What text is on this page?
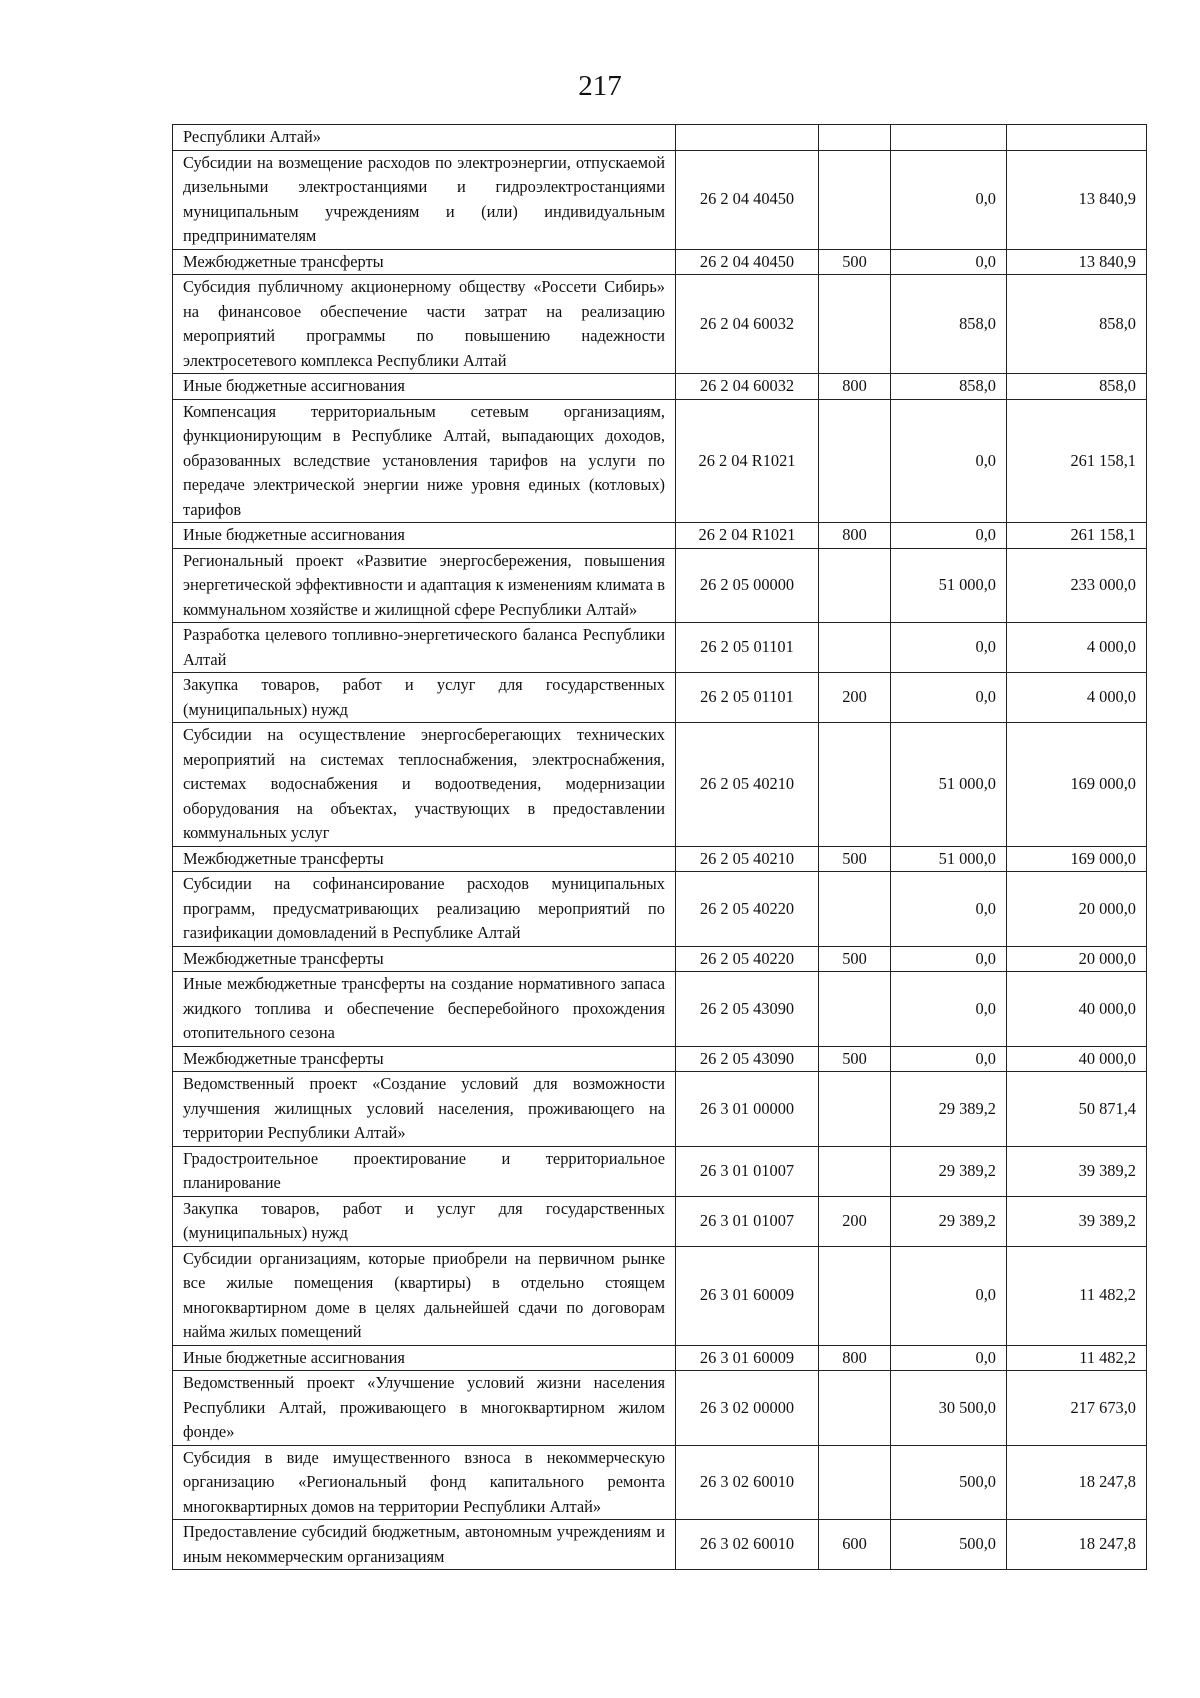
217
Республики Алтай»				
Субсидии на возмещение расходов по электроэнергии, отпускаемой дизельными электростанциями и гидроэлектростанциями муниципальным учреждениям и (или) индивидуальным предпринимателям	26 2 04 40450		0,0	13 840,9
Межбюджетные трансферты	26 2 04 40450	500	0,0	13 840,9
Субсидия публичному акционерному обществу «Россети Сибирь» на финансовое обеспечение части затрат на реализацию мероприятий программы по повышению надежности электросетевого комплекса Республики Алтай	26 2 04 60032		858,0	858,0
Иные бюджетные ассигнования	26 2 04 60032	800	858,0	858,0
Компенсация территориальным сетевым организациям, функционирующим в Республике Алтай, выпадающих доходов, образованных вследствие установления тарифов на услуги по передаче электрической энергии ниже уровня единых (котловых) тарифов	26 2 04 R1021		0,0	261 158,1
Иные бюджетные ассигнования	26 2 04 R1021	800	0,0	261 158,1
Региональный проект «Развитие энергосбережения, повышения энергетической эффективности и адаптация к изменениям климата в коммунальном хозяйстве и жилищной сфере Республики Алтай»	26 2 05 00000		51 000,0	233 000,0
Разработка целевого топливно-энергетического баланса Республики Алтай	26 2 05 01101		0,0	4 000,0
Закупка товаров, работ и услуг для государственных (муниципальных) нужд	26 2 05 01101	200	0,0	4 000,0
Субсидии на осуществление энергосберегающих технических мероприятий на системах теплоснабжения, электроснабжения, системах водоснабжения и водоотведения, модернизации оборудования на объектах, участвующих в предоставлении коммунальных услуг	26 2 05 40210		51 000,0	169 000,0
Межбюджетные трансферты	26 2 05 40210	500	51 000,0	169 000,0
Субсидии на софинансирование расходов муниципальных программ, предусматривающих реализацию мероприятий по газификации домовладений в Республике Алтай	26 2 05 40220		0,0	20 000,0
Межбюджетные трансферты	26 2 05 40220	500	0,0	20 000,0
Иные межбюджетные трансферты на создание нормативного запаса жидкого топлива и обеспечение бесперебойного прохождения отопительного сезона	26 2 05 43090		0,0	40 000,0
Межбюджетные трансферты	26 2 05 43090	500	0,0	40 000,0
Ведомственный проект «Создание условий для возможности улучшения жилищных условий населения, проживающего на территории Республики Алтай»	26 3 01 00000		29 389,2	50 871,4
Градостроительное проектирование и территориальное планирование	26 3 01 01007		29 389,2	39 389,2
Закупка товаров, работ и услуг для государственных (муниципальных) нужд	26 3 01 01007	200	29 389,2	39 389,2
Субсидии организациям, которые приобрели на первичном рынке все жилые помещения (квартиры) в отдельно стоящем многоквартирном доме в целях дальнейшей сдачи по договорам найма жилых помещений	26 3 01 60009		0,0	11 482,2
Иные бюджетные ассигнования	26 3 01 60009	800	0,0	11 482,2
Ведомственный проект «Улучшение условий жизни населения Республики Алтай, проживающего в многоквартирном жилом фонде»	26 3 02 00000		30 500,0	217 673,0
Субсидия в виде имущественного взноса в некоммерческую организацию «Региональный фонд капитального ремонта многоквартирных домов на территории Республики Алтай»	26 3 02 60010		500,0	18 247,8
Предоставление субсидий бюджетным, автономным учреждениям и иным некоммерческим организациям	26 3 02 60010	600	500,0	18 247,8
